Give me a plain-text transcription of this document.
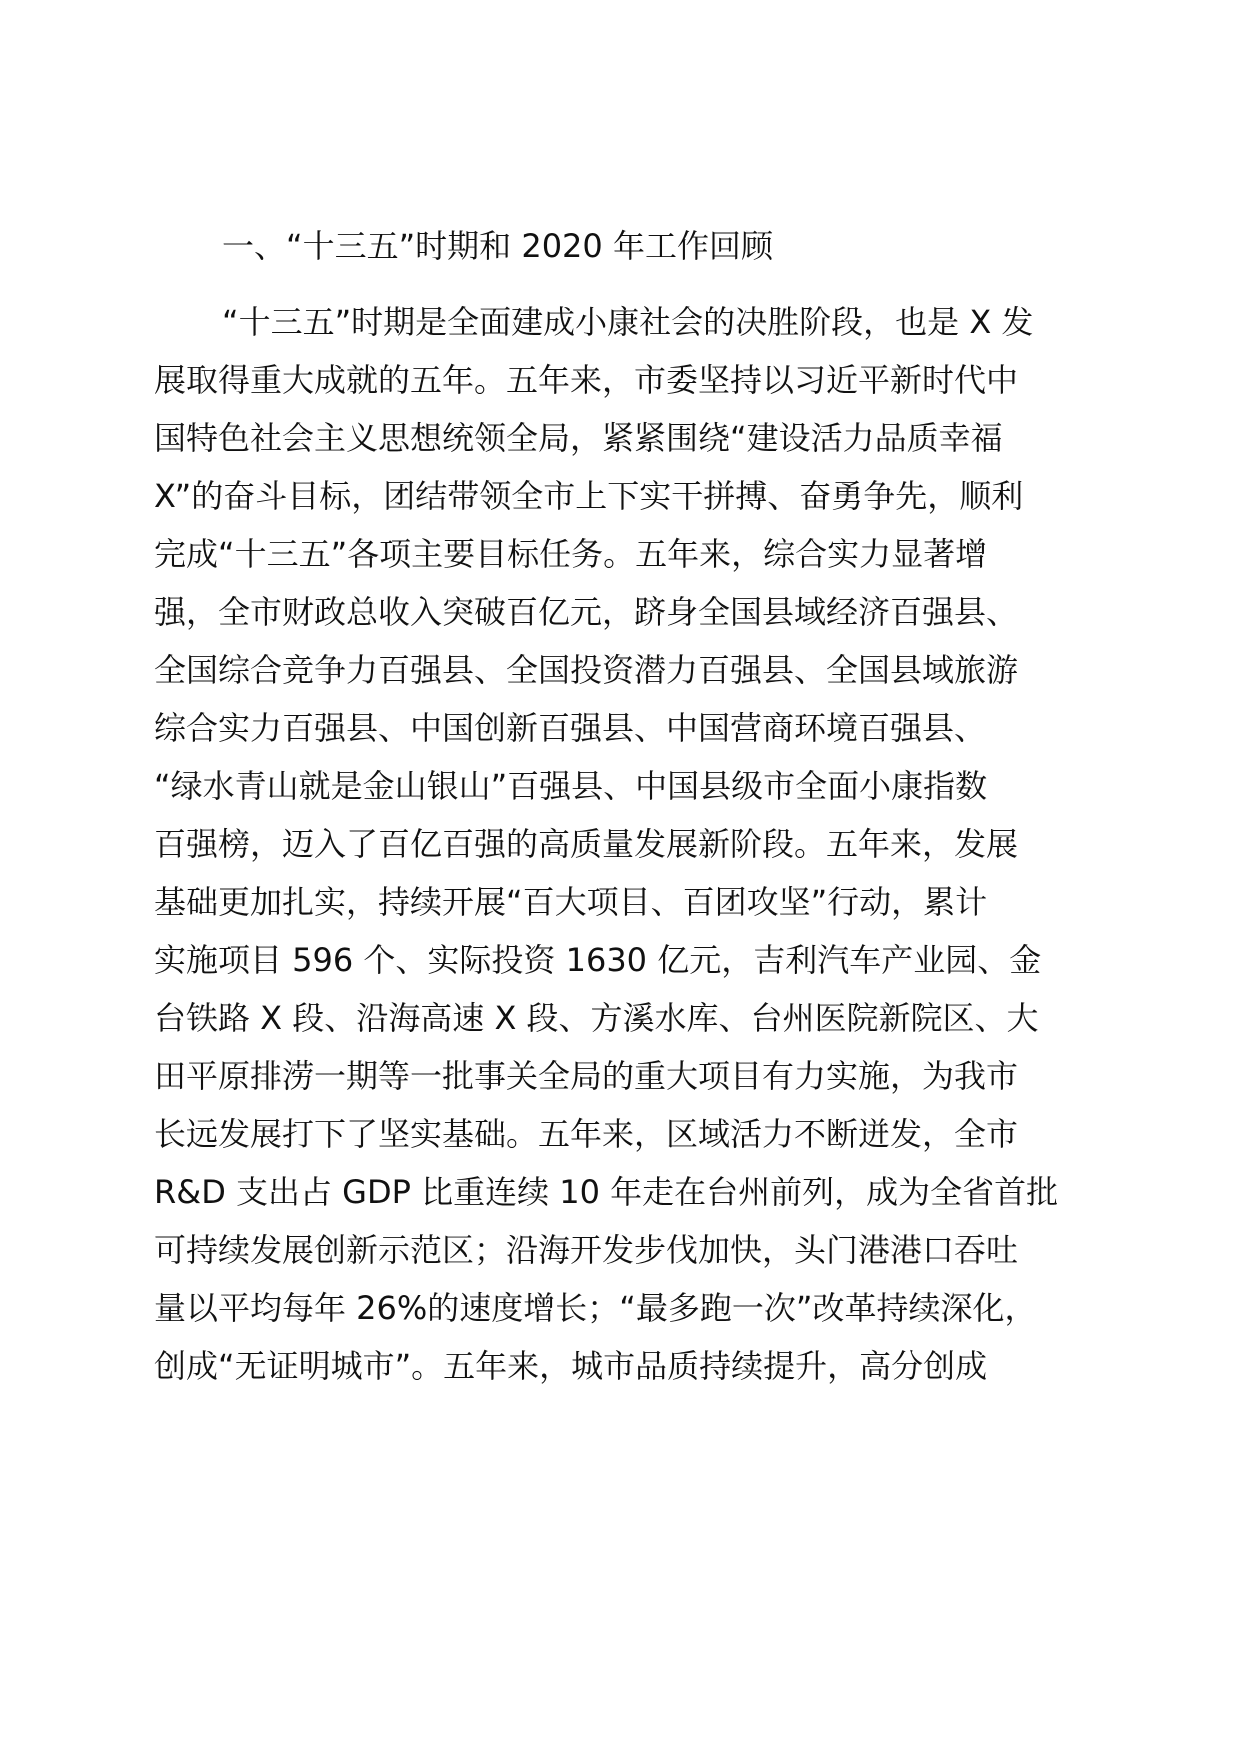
一、“十三五”时期和 2020 年工作回顾
“十三五”时期是全面建成小康社会的决胜阶段，也是 X 发
展取得重大成就的五年。五年来，市委坚持以习近平新时代中
国特色社会主义思想统领全局，紧紧围绕“建设活力品质幸福
X”的奋斗目标，团结带领全市上下实干拼搏、奋勇争先，顺利
完成“十三五”各项主要目标任务。五年来，综合实力显著增
强，全市财政总收入突破百亿元，跻身全国县域经济百强县、
全国综合竞争力百强县、全国投资潜力百强县、全国县域旅游
综合实力百强县、中国创新百强县、中国营商环境百强县、
“绿水青山就是金山银山”百强县、中国县级市全面小康指数
百强榜，迈入了百亿百强的高质量发展新阶段。五年来，发展
基础更加扎实，持续开展“百大项目、百团攻坚”行动，累计
实施项目 596 个、实际投资 1630 亿元，吉利汽车产业园、金
台铁路 X 段、沿海高速 X 段、方溪水库、台州医院新院区、大
田平原排涝一期等一批事关全局的重大项目有力实施，为我市
长远发展打下了坚实基础。五年来，区域活力不断迸发，全市
R&D 支出占 GDP 比重连续 10 年走在台州前列，成为全省首批
可持续发展创新示范区；沿海开发步伐加快，头门港港口吞吐
量以平均每年 26%的速度增长；“最多跑一次”改革持续深化，
创成“无证明城市”。五年来，城市品质持续提升，高分创成
